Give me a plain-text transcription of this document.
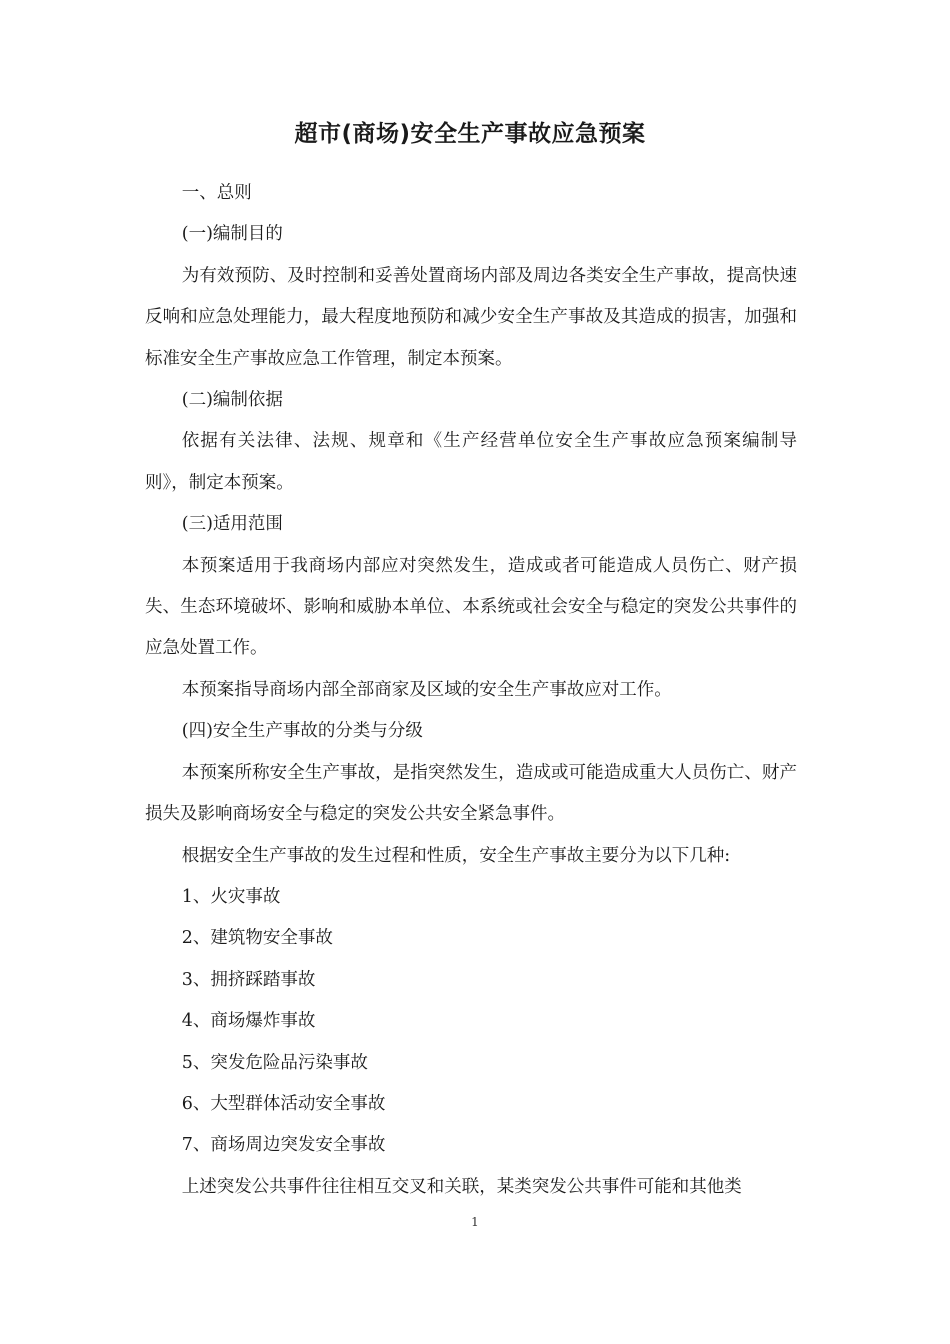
超市(商场)安全生产事故应急预案

一、总则

(一)编制目的

为有效预防、及时控制和妥善处置商场内部及周边各类安全生产事故，提高快速反响和应急处理能力，最大程度地预防和减少安全生产事故及其造成的损害，加强和标准安全生产事故应急工作管理，制定本预案。

(二)编制依据

依据有关法律、法规、规章和《生产经营单位安全生产事故应急预案编制导则》，制定本预案。

(三)适用范围

本预案适用于我商场内部应对突然发生，造成或者可能造成人员伤亡、财产损失、生态环境破坏、影响和威胁本单位、本系统或社会安全与稳定的突发公共事件的应急处置工作。

本预案指导商场内部全部商家及区域的安全生产事故应对工作。

(四)安全生产事故的分类与分级

本预案所称安全生产事故，是指突然发生，造成或可能造成重大人员伤亡、财产损失及影响商场安全与稳定的突发公共安全紧急事件。

根据安全生产事故的发生过程和性质，安全生产事故主要分为以下几种:

1、火灾事故

2、建筑物安全事故

3、拥挤踩踏事故

4、商场爆炸事故

5、突发危险品污染事故

6、大型群体活动安全事故

7、商场周边突发安全事故

上述突发公共事件往往相互交叉和关联，某类突发公共事件可能和其他类

1
